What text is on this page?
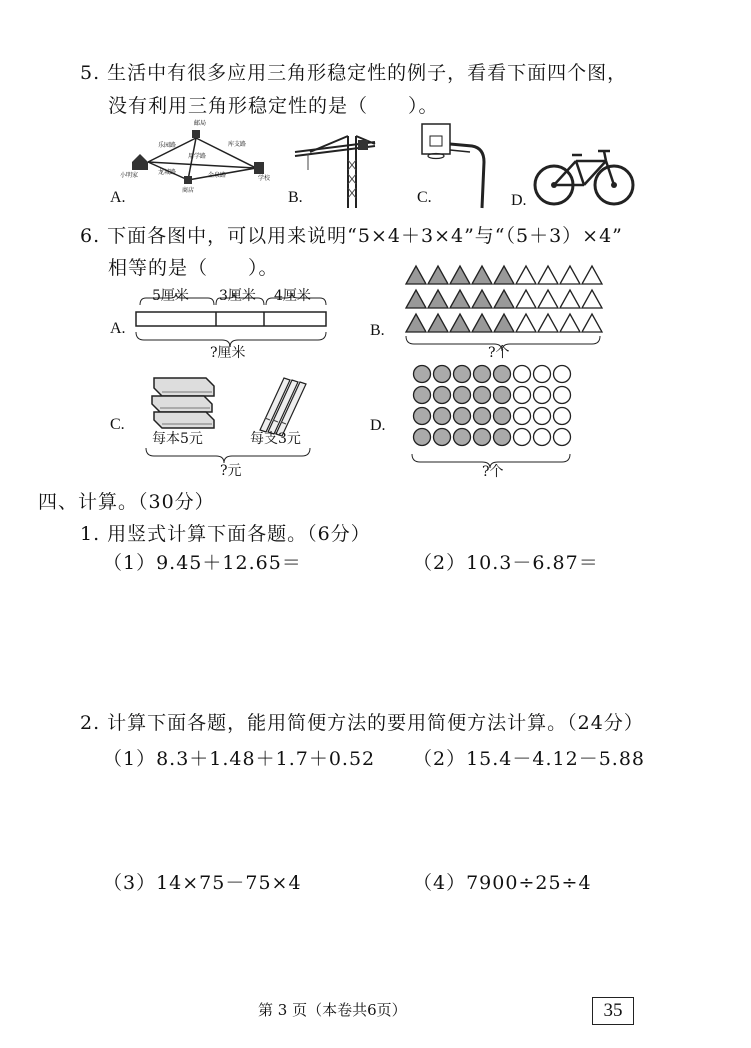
5. 生活中有很多应用三角形稳定性的例子，看看下面四个图，
没有利用三角形稳定性的是（　　）。
邮局
乐园路
用学路
库支路
小明家	龙城路	金泉路
商店
学校
A.	B.	C.	D.
6. 下面各图中，可以用来说明“5×4＋3×4”与“（5＋3）×4”
相等的是（　　）。
A.
5厘米 3厘米 4厘米
?厘米
B.
?个
C.
每本5元	每支3元
?元
D.
?个
四、计算。（30分）
1. 用竖式计算下面各题。（6分）
（1）9.45＋12.65＝	（2）10.3－6.87＝
2. 计算下面各题，能用简便方法的要用简便方法计算。（24分）
（1）8.3＋1.48＋1.7＋0.52 （2）15.4－4.12－5.88
（3）14×75－75×4	（4）7900÷25÷4
第 3 页（本卷共6页）	35
